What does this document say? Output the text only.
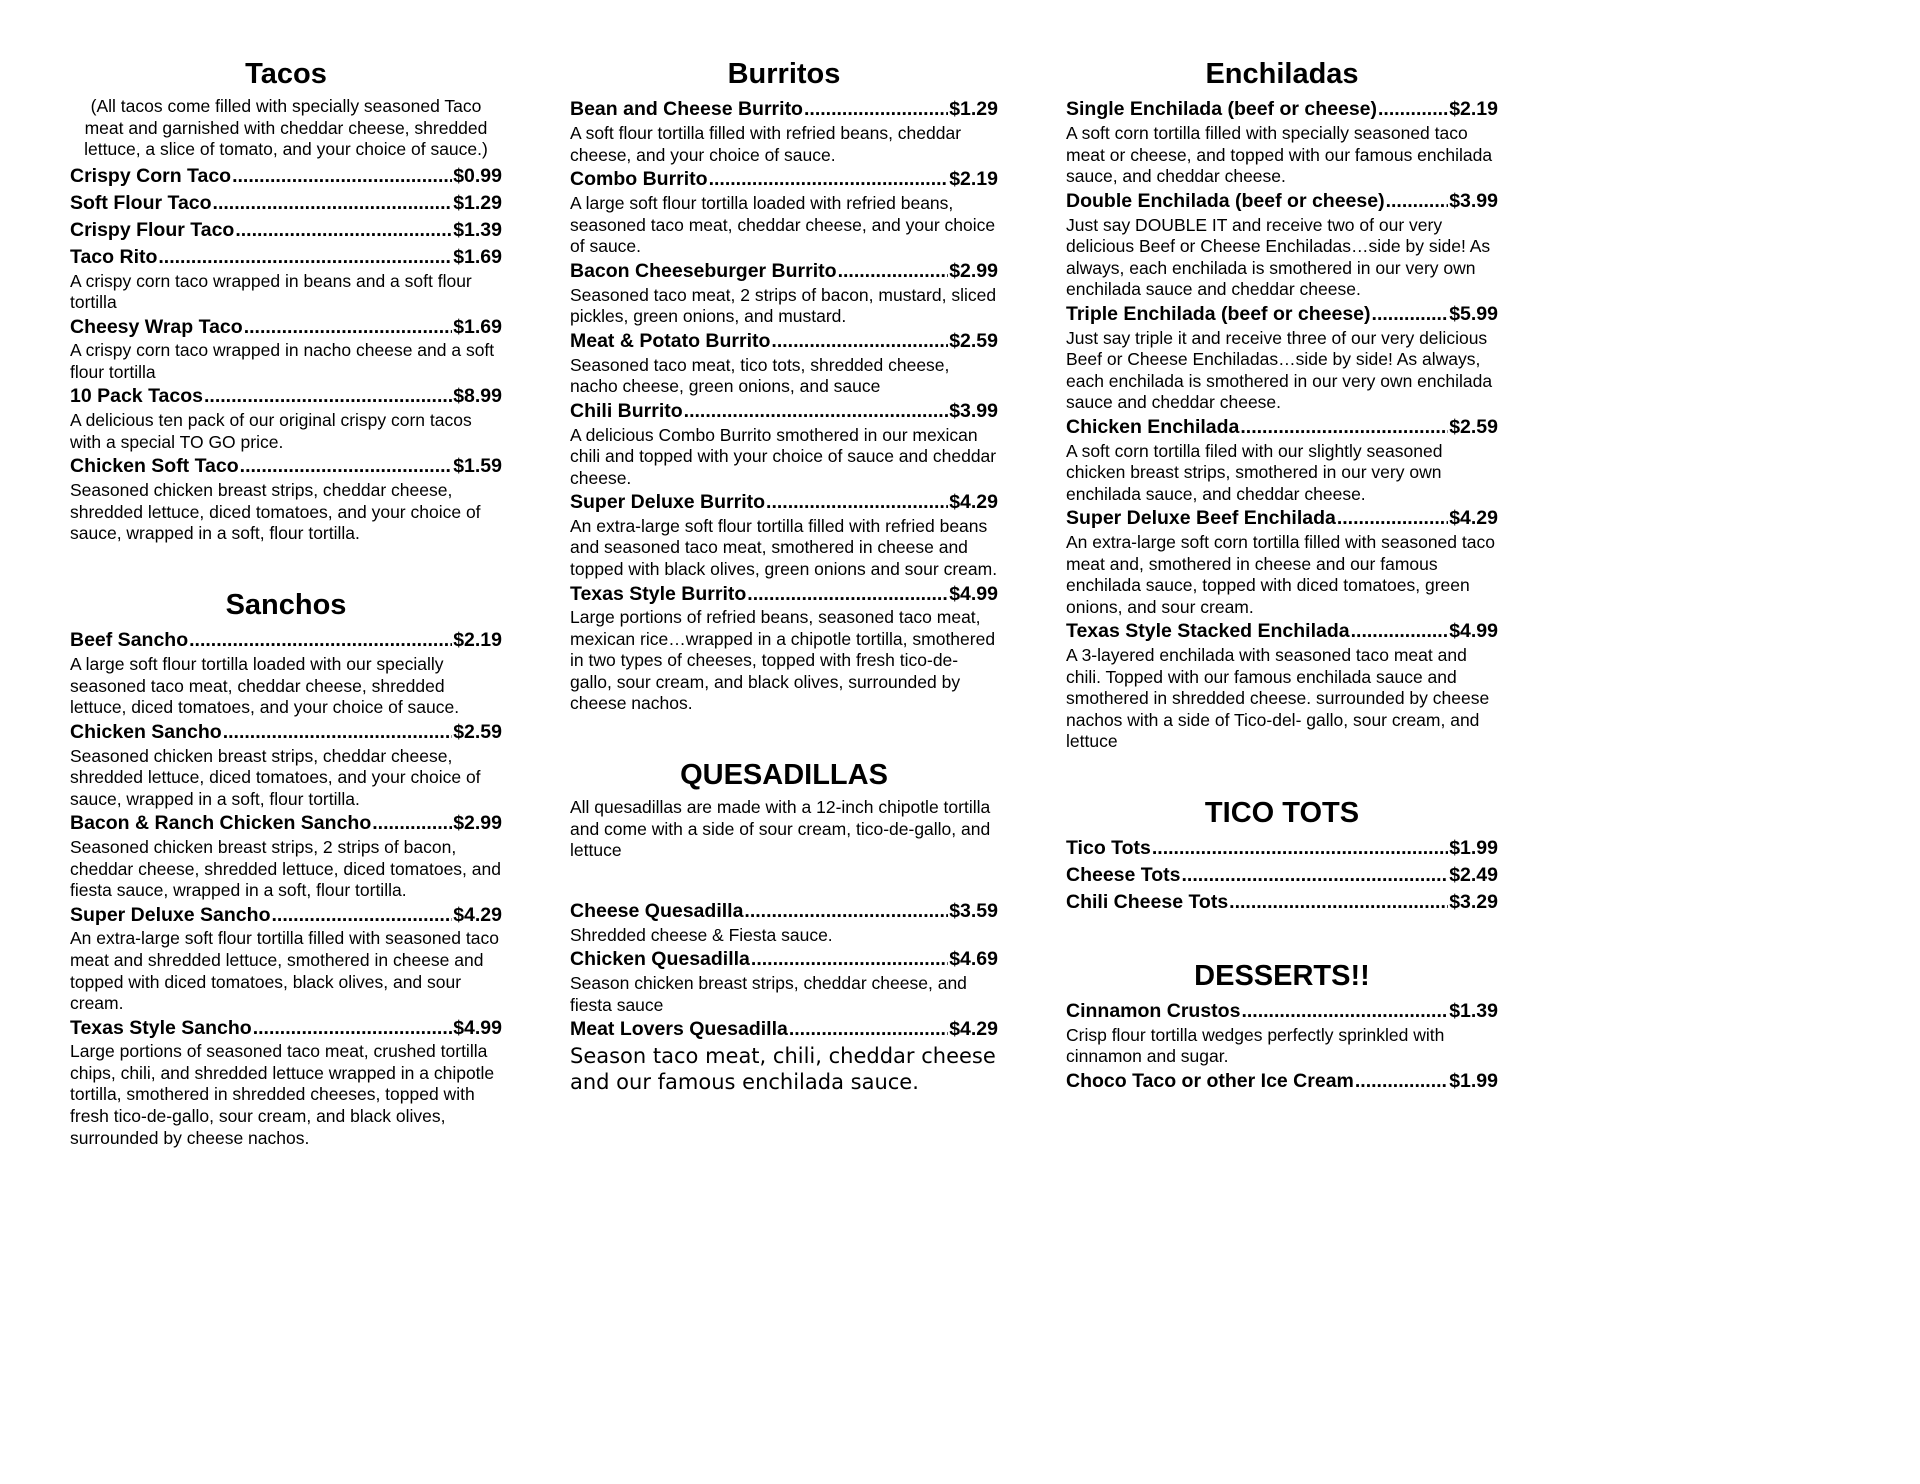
Tacos

(All tacos come filled with specially seasoned Taco meat and garnished with cheddar cheese, shredded lettuce, a slice of tomato, and your choice of sauce.)

Crispy Corn Taco .....	$0.99
Soft Flour Taco .....	$1.29
Crispy Flour Taco .....	$1.39
Taco Rito .....	$1.69

A crispy corn taco wrapped in beans and a soft flour tortilla

Cheesy Wrap Taco .....	$1.69

A crispy corn taco wrapped in nacho cheese and a soft flour tortilla

10 Pack Tacos .....	$8.99

A delicious ten pack of our original crispy corn tacos with a special TO GO price.

Chicken Soft Taco .....	$1.59

Seasoned chicken breast strips, cheddar cheese, shredded lettuce, diced tomatoes, and your choice of sauce, wrapped in a soft, flour tortilla.

Sanchos
Beef Sancho .....	$2.19

A large soft flour tortilla loaded with our specially seasoned taco meat, cheddar cheese, shredded lettuce, diced tomatoes, and your choice of sauce.

Chicken Sancho .....	$2.59

Seasoned chicken breast strips, cheddar cheese, shredded lettuce, diced tomatoes, and your choice of sauce, wrapped in a soft, flour tortilla.

Bacon & Ranch Chicken Sancho .....	$2.99

Seasoned chicken breast strips, 2 strips of bacon, cheddar cheese, shredded lettuce, diced tomatoes, and fiesta sauce, wrapped in a soft, flour tortilla.

Super Deluxe Sancho .....	$4.29

An extra-large soft flour tortilla filled with seasoned taco meat and shredded lettuce, smothered in cheese and topped with diced tomatoes, black olives, and sour cream.

Texas Style Sancho .....	$4.99

Large portions of seasoned taco meat, crushed tortilla chips, chili, and shredded lettuce wrapped in a chipotle tortilla, smothered in shredded cheeses, topped with fresh tico-de-gallo, sour cream, and black olives, surrounded by cheese nachos.

Burritos
Bean and Cheese Burrito .....	$1.29

A soft flour tortilla filled with refried beans, cheddar cheese, and your choice of sauce.

Combo Burrito .....	$2.19

A large soft flour tortilla loaded with refried beans, seasoned taco meat, cheddar cheese, and your choice of sauce.

Bacon Cheeseburger Burrito .....	$2.99

Seasoned taco meat, 2 strips of bacon, mustard, sliced pickles, green onions, and mustard.

Meat & Potato Burrito .....	$2.59

Seasoned taco meat, tico tots, shredded cheese, nacho cheese, green onions, and sauce

Chili Burrito .....	$3.99

A delicious Combo Burrito smothered in our mexican chili and topped with your choice of sauce and cheddar cheese.

Super Deluxe Burrito .....	$4.29

An extra-large soft flour tortilla filled with refried beans and seasoned taco meat, smothered in cheese and topped with black olives, green onions and sour cream.

Texas Style Burrito .....	$4.99

Large portions of refried beans, seasoned taco meat, mexican rice…wrapped in a chipotle tortilla, smothered in two types of cheeses, topped with fresh tico-de-gallo, sour cream, and black olives, surrounded by cheese nachos.

QUESADILLAS

All quesadillas are made with a 12-inch chipotle tortilla and come with a side of sour cream, tico-de-gallo, and lettuce

Cheese Quesadilla .....	$3.59

Shredded cheese & Fiesta sauce.

Chicken Quesadilla .....	$4.69

Season chicken breast strips, cheddar cheese, and fiesta sauce

Meat Lovers Quesadilla .....	$4.29

Season taco meat, chili, cheddar cheese and our famous enchilada sauce.

Enchiladas
Single Enchilada (beef or cheese) .....	$2.19

A soft corn tortilla filled with specially seasoned taco meat or cheese, and topped with our famous enchilada sauce, and cheddar cheese.

Double Enchilada (beef or cheese) .....	$3.99

Just say DOUBLE IT and receive two of our very delicious Beef or Cheese Enchiladas…side by side! As always, each enchilada is smothered in our very own enchilada sauce and cheddar cheese.

Triple Enchilada (beef or cheese) .....	$5.99

Just say triple it and receive three of our very delicious Beef or Cheese Enchiladas…side by side! As always, each enchilada is smothered in our very own enchilada sauce and cheddar cheese.

Chicken Enchilada .....	$2.59

A soft corn tortilla filed with our slightly seasoned chicken breast strips, smothered in our very own enchilada sauce, and cheddar cheese.

Super Deluxe Beef Enchilada .....	$4.29

An extra-large soft corn tortilla filled with seasoned taco meat and, smothered in cheese and our famous enchilada sauce, topped with diced tomatoes, green onions, and sour cream.

Texas Style Stacked Enchilada .....	$4.99

A 3-layered enchilada with seasoned taco meat and chili. Topped with our famous enchilada sauce and smothered in shredded cheese. surrounded by cheese nachos with a side of Tico-del- gallo, sour cream, and lettuce

TICO TOTS
Tico Tots .....	$1.99
Cheese Tots .....	$2.49
Chili Cheese Tots .....	$3.29
DESSERTS!!
Cinnamon Crustos .....	$1.39

Crisp flour tortilla wedges perfectly sprinkled with cinnamon and sugar.

Choco Taco or other Ice Cream .....	$1.99
